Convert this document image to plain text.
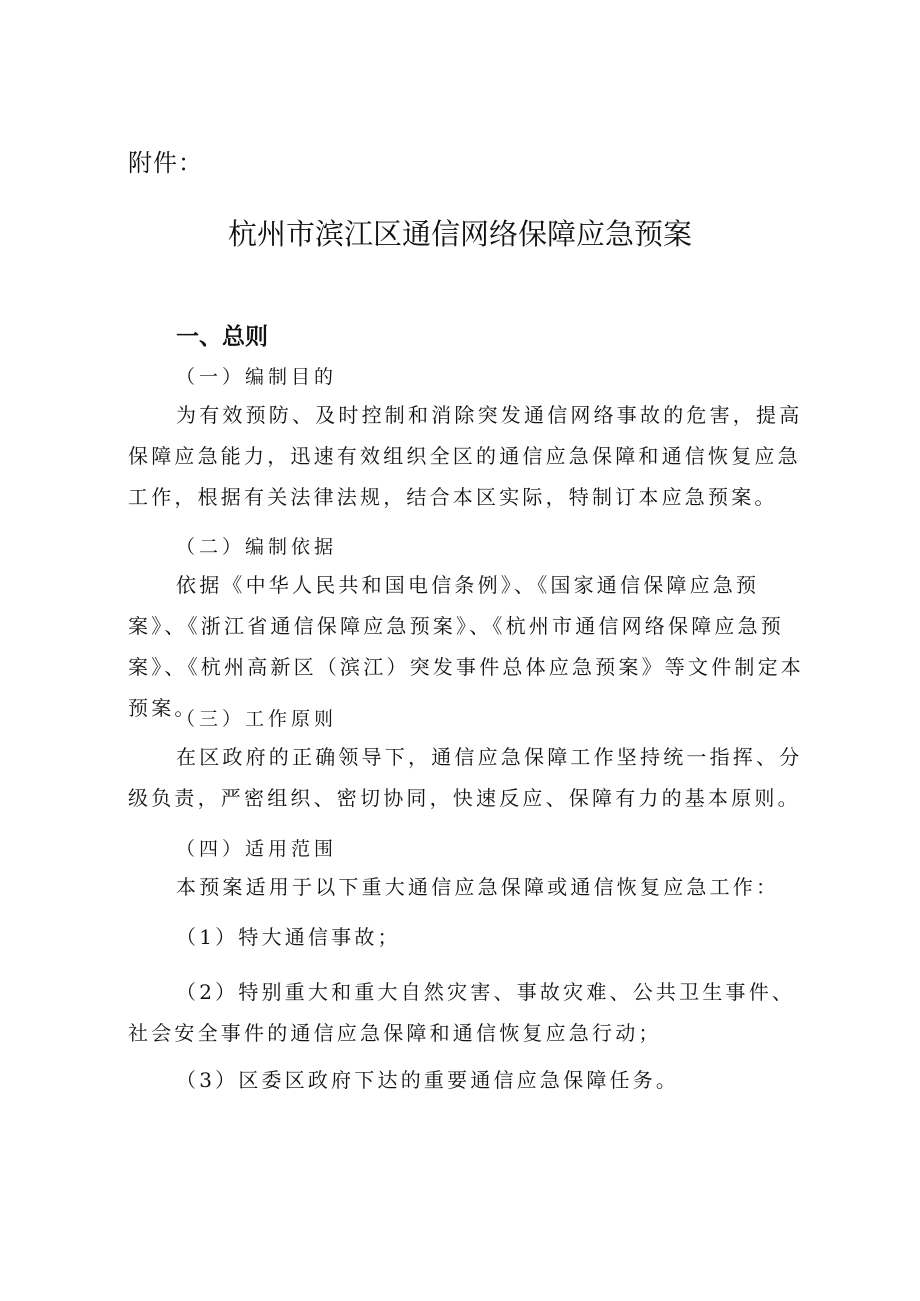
附件：
杭州市滨江区通信网络保障应急预案
一、总则
（一）编制目的
为有效预防、及时控制和消除突发通信网络事故的危害，提高保障应急能力，迅速有效组织全区的通信应急保障和通信恢复应急工作，根据有关法律法规，结合本区实际，特制订本应急预案。
（二）编制依据
依据《中华人民共和国电信条例》、《国家通信保障应急预案》、《浙江省通信保障应急预案》、《杭州市通信网络保障应急预案》、《杭州高新区（滨江）突发事件总体应急预案》等文件制定本预案。
（三）工作原则
在区政府的正确领导下，通信应急保障工作坚持统一指挥、分级负责，严密组织、密切协同，快速反应、保障有力的基本原则。
（四）适用范围
本预案适用于以下重大通信应急保障或通信恢复应急工作：
（1）特大通信事故；
（2）特别重大和重大自然灾害、事故灾难、公共卫生事件、社会安全事件的通信应急保障和通信恢复应急行动；
（3）区委区政府下达的重要通信应急保障任务。
